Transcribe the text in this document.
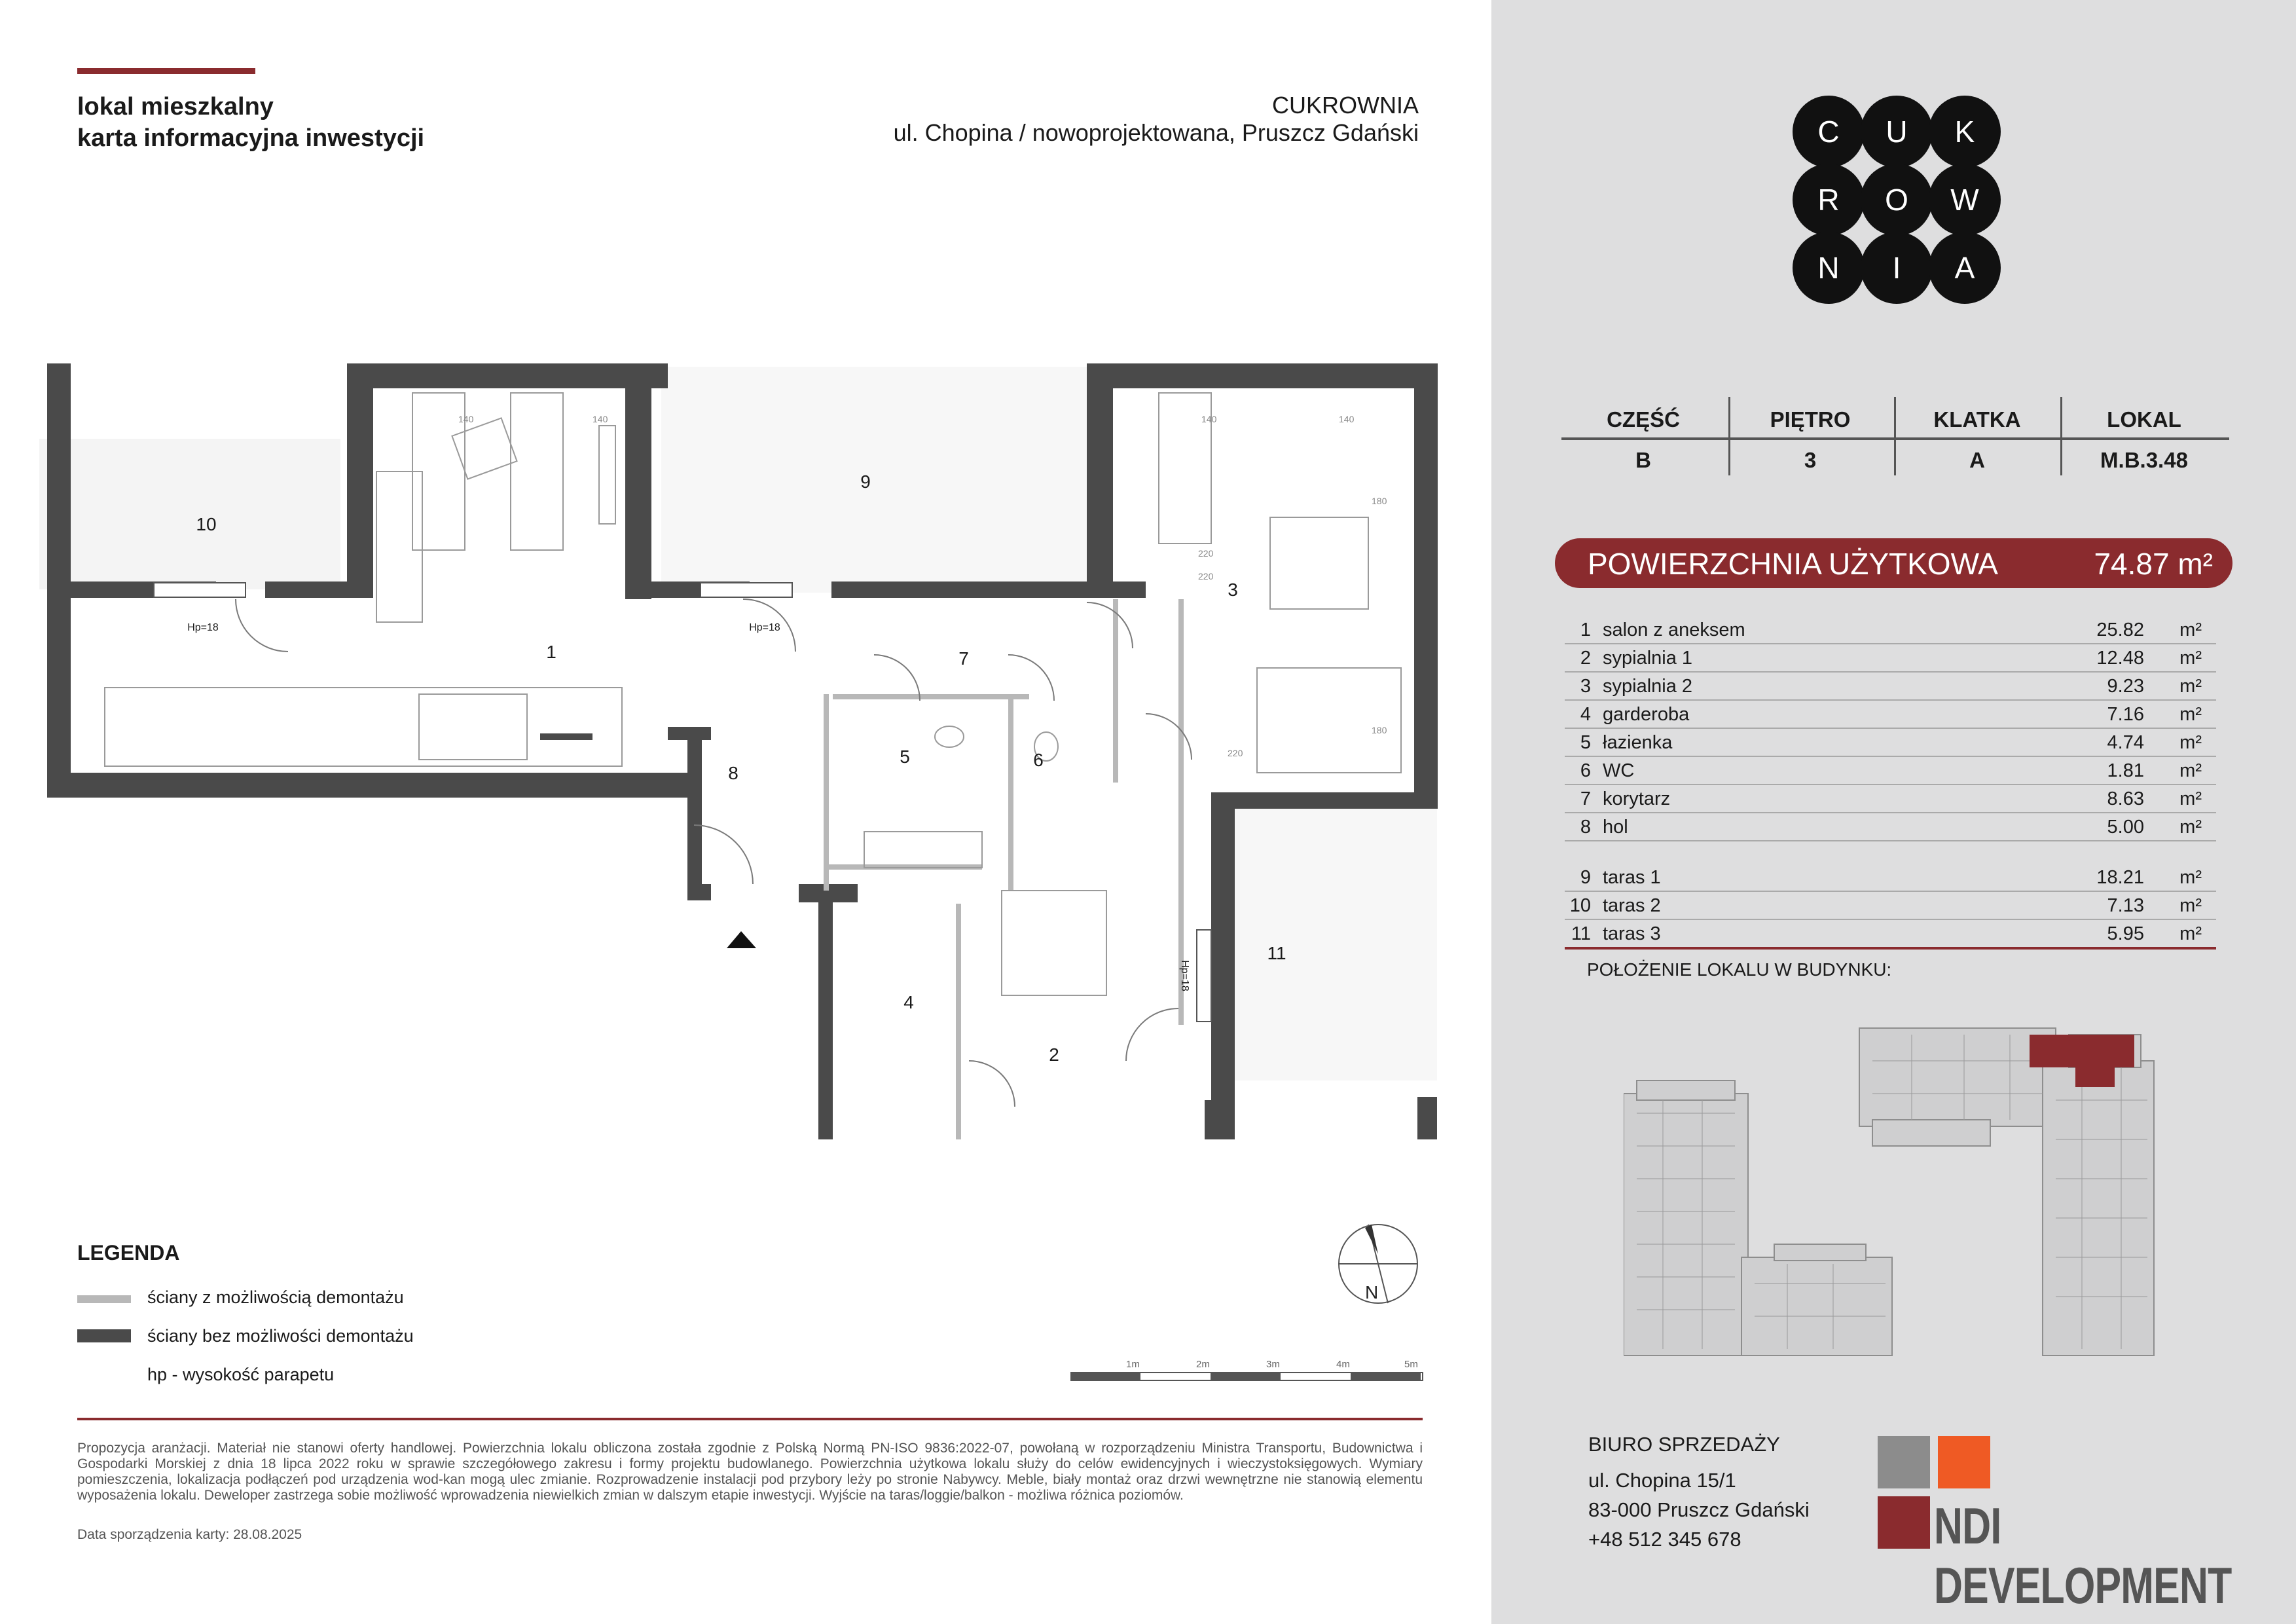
lokal mieszkalny
karta informacyjna inwestycji
CUKROWNIA
ul. Chopina / nowoprojektowana, Pruszcz Gdański
10
1
9
3
7
5	6
8
4
2
11
Hp=18	Hp=18
Hp=18
140	140	140	140
220
220
220
180
180
N
1m	2m	3m	4m	5m
LEGENDA
ściany z możliwością demontażu
ściany bez możliwości demontażu
hp - wysokość parapetu
Propozycja aranżacji. Materiał nie stanowi oferty handlowej. Powierzchnia lokalu obliczona została zgodnie z Polską Normą PN-ISO 9836:2022-07, powołaną w rozporządzeniu Ministra Transportu, Budownictwa i Gospodarki Morskiej z dnia 18 lipca 2022 roku w sprawie szczegółowego zakresu i formy projektu budowlanego. Powierzchnia użytkowa lokalu służy do celów ewidencyjnych i wieczystoksięgowych. Wymiary pomieszczenia, lokalizacja podłączeń pod urządzenia wod-kan mogą ulec zmianie. Rozprowadzenie instalacji pod przybory leży po stronie Nabywcy. Meble, biały montaż oraz drzwi wewnętrzne nie stanowią elementu wyposażenia lokalu. Deweloper zastrzega sobie możliwość wprowadzenia niewielkich zmian w dalszym etapie inwestycji. Wyjście na taras/loggie/balkon - możliwa różnica poziomów.
Data sporządzenia karty: 28.08.2025
C	U	K
R	O	W
N	I	A
CZĘŚĆ	PIĘTRO	KLATKA	LOKAL
B	3	A	M.B.3.48
POWIERZCHNIA UŻYTKOWA	74.87 m²
1 salon z aneksem	25.82 m²
2 sypialnia 1	12.48 m²
3 sypialnia 2	9.23 m²
4 garderoba	7.16 m²
5 łazienka	4.74 m²
6 WC	1.81 m²
7 korytarz	8.63 m²
8 hol	5.00 m²
9 taras 1	18.21 m²
10 taras 2	7.13 m²
11 taras 3	5.95 m²
POŁOŻENIE LOKALU W BUDYNKU:
BIURO SPRZEDAŻY
ul. Chopina 15/1
83-000 Pruszcz Gdański
+48 512 345 678	NDI DEVELOPMENT
